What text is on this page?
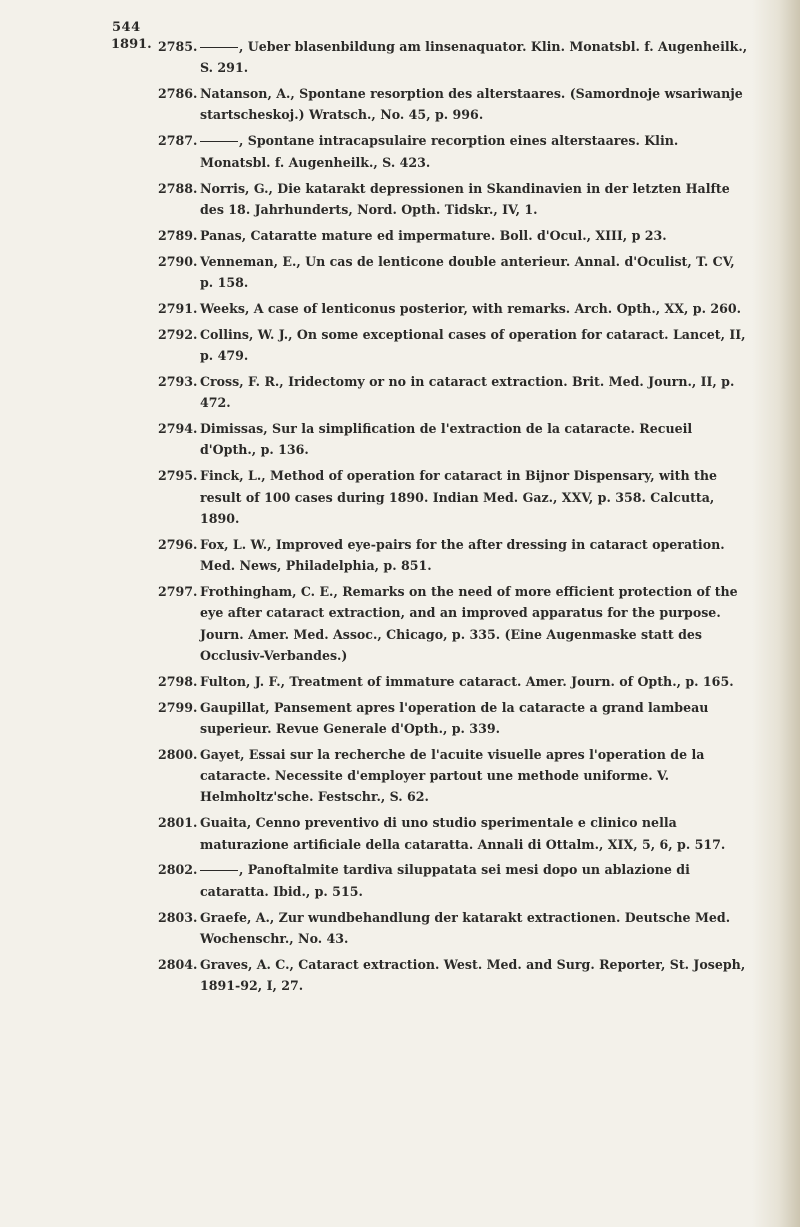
544
1891. 2785.	, Ueber blasenbildung am linsenaquator. Klin. Monatsbl. f. Augenheilk., S. 291.
2786. Natanson, A., Spontane resorption des alterstaares. (Samordnoje wsariwanje startscheskoj.) Wratsch., No. 45, p. 996.
2787.	, Spontane intracapsulaire recorption eines alterstaares. Klin. Monatsbl. f. Augenheilk., S. 423.
2788. Norris, G., Die katarakt depressionen in Skandinavien in der letzten Halfte des 18. Jahrhunderts, Nord. Opth. Tidskr., IV, 1.
2789. Panas, Cataratte mature ed impermature. Boll. d'Ocul., XIII, p 23.
2790. Venneman, E., Un cas de lenticone double anterieur. Annal. d'Oculist, T. CV, p. 158.
2791. Weeks, A case of lenticonus posterior, with remarks. Arch. Opth., XX, p. 260.
2792. Collins, W. J., On some exceptional cases of operation for cataract. Lancet, II, p. 479.
2793. Cross, F. R., Iridectomy or no in cataract extraction. Brit. Med. Journ., II, p. 472.
2794. Dimissas, Sur la simplification de l'extraction de la cataracte. Recueil d'Opth., p. 136.
2795. Finck, L., Method of operation for cataract in Bijnor Dispensary, with the result of 100 cases during 1890. Indian Med. Gaz., XXV, p. 358. Calcutta, 1890.
2796. Fox, L. W., Improved eye-pairs for the after dressing in cataract operation. Med. News, Philadelphia, p. 851.
2797. Frothingham, C. E., Remarks on the need of more efficient protection of the eye after cataract extraction, and an improved apparatus for the purpose. Journ. Amer. Med. Assoc., Chicago, p. 335. (Eine Augenmaske statt des Occlusiv-Verbandes.)
2798. Fulton, J. F., Treatment of immature cataract. Amer. Journ. of Opth., p. 165.
2799. Gaupillat, Pansement apres l'operation de la cataracte a grand lambeau superieur. Revue Generale d'Opth., p. 339.
2800. Gayet, Essai sur la recherche de l'acuite visuelle apres l'operation de la cataracte. Necessite d'employer partout une methode uniforme. V. Helmholtz'sche. Festschr., S. 62.
2801. Guaita, Cenno preventivo di uno studio sperimentale e clinico nella maturazione artificiale della cataratta. Annali di Ottalm., XIX, 5, 6, p. 517.
2802.	, Panoftalmite tardiva siluppatata sei mesi dopo un ablazione di cataratta. Ibid., p. 515.
2803. Graefe, A., Zur wundbehandlung der katarakt extractionen. Deutsche Med. Wochenschr., No. 43.
2804. Graves, A. C., Cataract extraction. West. Med. and Surg. Reporter, St. Joseph, 1891-92, I, 27.
